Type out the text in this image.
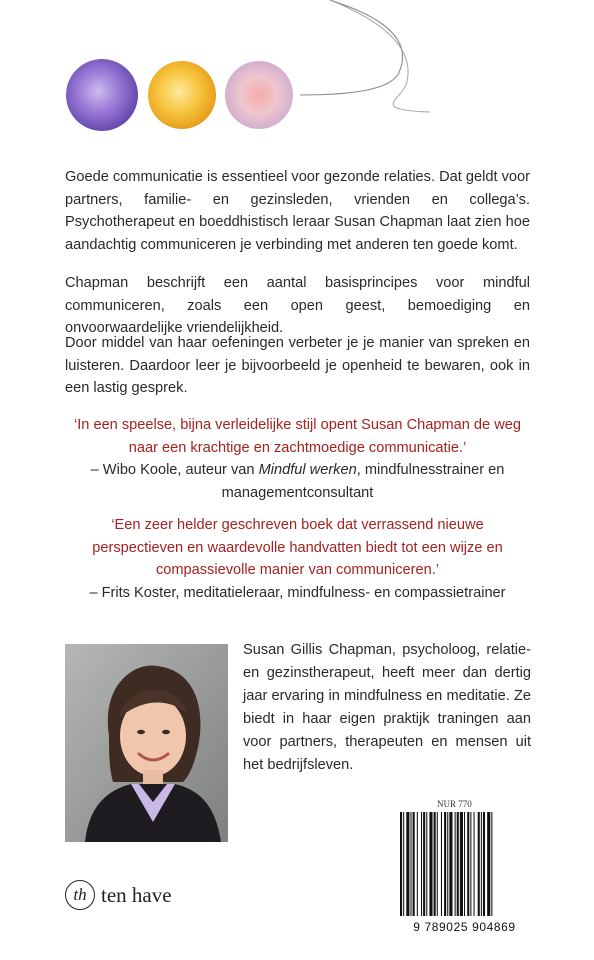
Goede communicatie is essentieel voor gezonde relaties. Dat geldt voor partners, familie- en gezinsleden, vrienden en collega’s. Psychotherapeut en boeddhistisch leraar Susan Chapman laat zien hoe aandachtig communiceren je verbinding met anderen ten goede komt.

Chapman beschrijft een aantal basisprincipes voor mindful communiceren, zoals een open geest, bemoediging en onvoorwaardelijke vriendelijkheid.

Door middel van haar oefeningen verbeter je je manier van spreken en luisteren. Daardoor leer je bijvoorbeeld je openheid te bewaren, ook in een lastig gesprek.

‘In een speelse, bijna verleidelijke stijl opent Susan Chapman de weg naar een krachtige en zachtmoedige communicatie.’
– Wibo Koole, auteur van Mindful werken, mindfulnesstrainer en managementconsultant
‘Een zeer helder geschreven boek dat verrassend nieuwe perspectieven en waardevolle handvatten biedt tot een wijze en compassievolle manier van communiceren.’
– Frits Koster, meditatieleraar, mindfulness- en compassietrainer

Susan Gillis Chapman, psycholoog, relatie- en gezinstherapeut, heeft meer dan dertig jaar ervaring in mindfulness en meditatie. Ze biedt in haar eigen praktijk traningen aan voor partners, therapeuten en mensen uit het bedrijfsleven.

NUR 770
9 789025 904869
th ten have
